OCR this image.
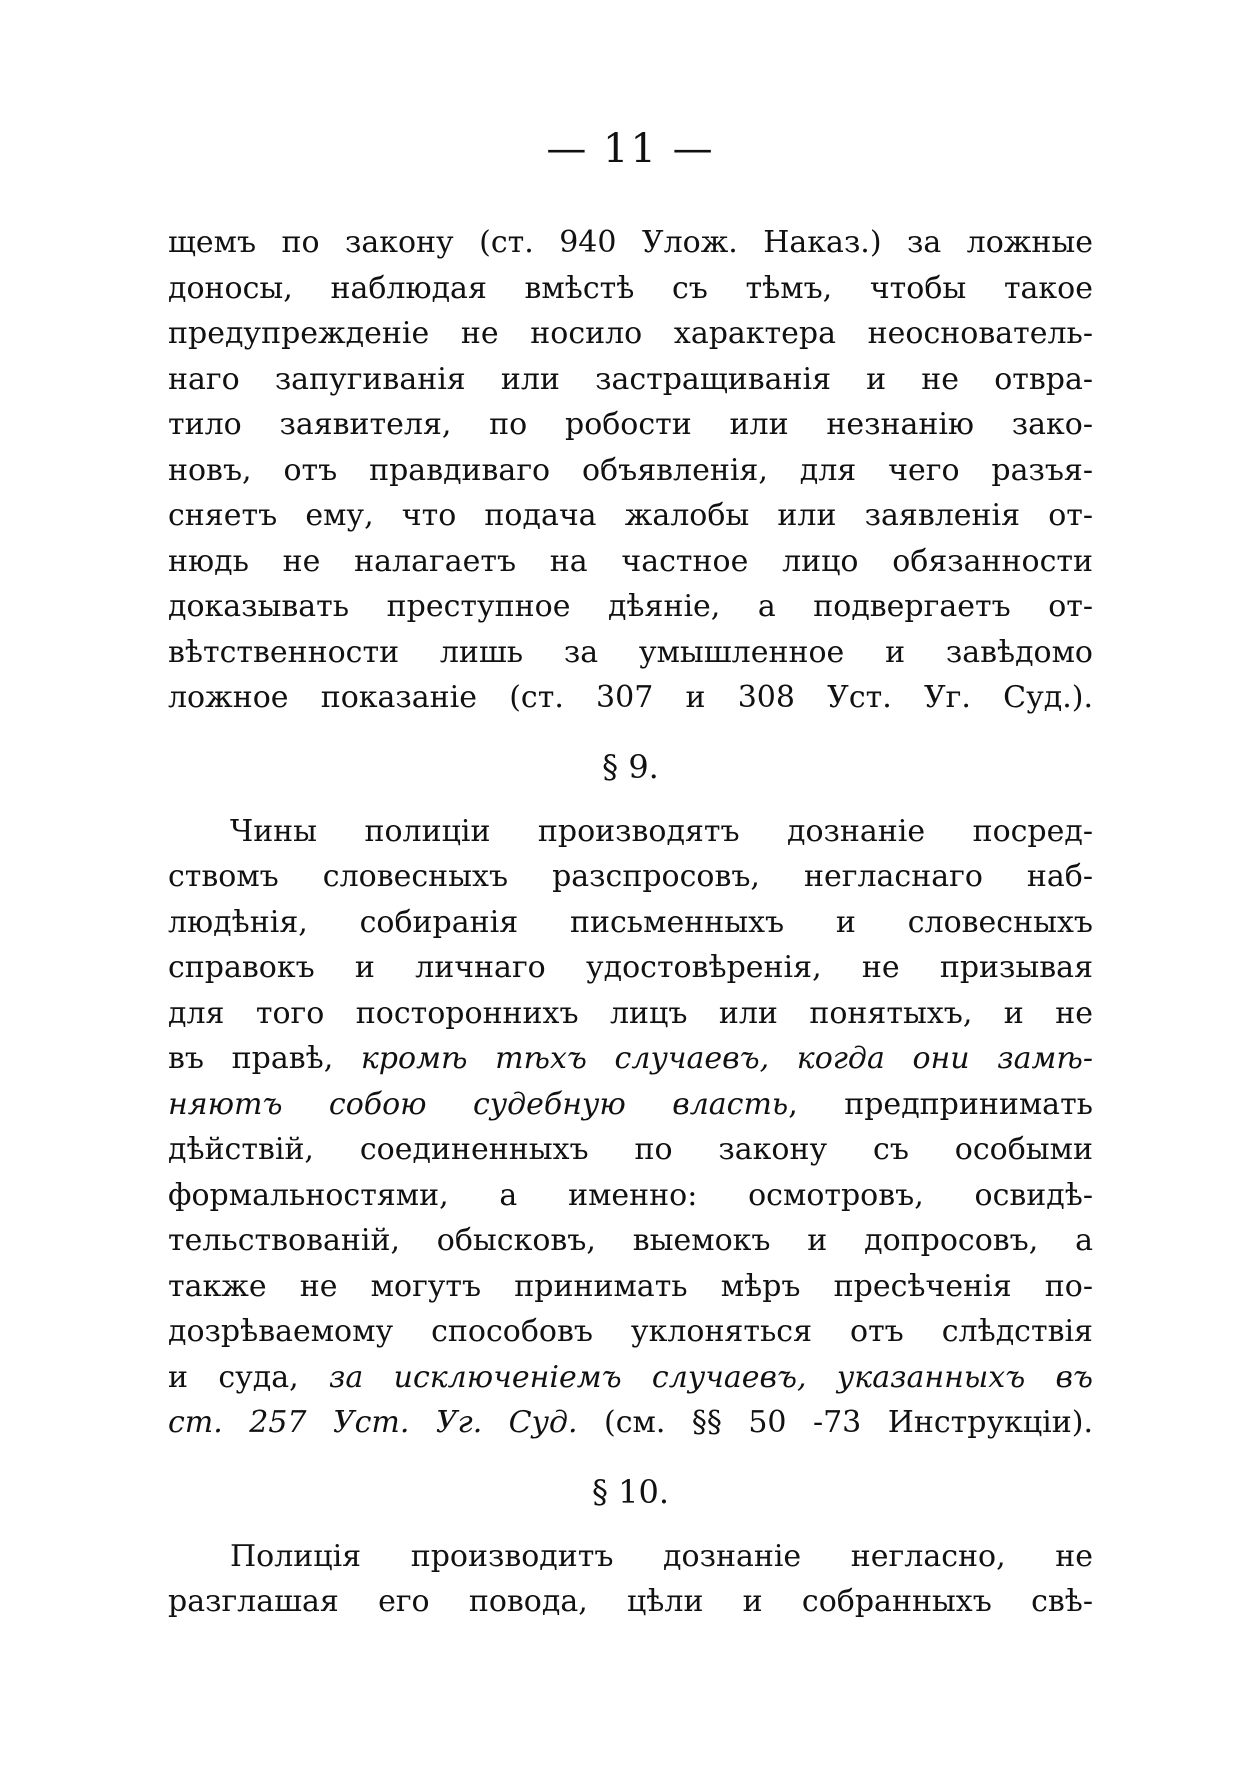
— 11 —
щемъ по закону (ст. 940 Улож. Наказ.) за ложные
доносы, наблюдая вмѣстѣ съ тѣмъ, чтобы такое
предупрежденіе не носило характера неоснователь-
наго запугиванія или застращиванія и не отвра-
тило заявителя, по робости или незнанію зако-
новъ, отъ правдиваго объявленія, для чего разъя-
сняетъ ему, что подача жалобы или заявленія от-
нюдь не налагаетъ на частное лицо обязанности
доказывать преступное дѣяніе, а подвергаетъ от-
вѣтственности лишь за умышленное и завѣдомо
ложное показаніе (ст. 307 и 308 Уст. Уг. Суд.).
§ 9.
Чины полиціи производятъ дознаніе посред-
ствомъ словесныхъ разспросовъ, негласнаго наб-
людѣнія, собиранія письменныхъ и словесныхъ
справокъ и личнаго удостовѣренія, не призывая
для того постороннихъ лицъ или понятыхъ, и не
въ правѣ, кромѣ тѣхъ случаевъ, когда они замѣ-
няютъ собою судебную власть, предпринимать
дѣйствій, соединенныхъ по закону съ особыми
формальностями, а именно: осмотровъ, освидѣ-
тельствованій, обысковъ, выемокъ и допросовъ, а
также не могутъ принимать мѣръ пресѣченія по-
дозрѣваемому способовъ уклоняться отъ слѣдствія
и суда, за исключеніемъ случаевъ, указанныхъ въ
ст. 257 Уст. Уг. Суд. (см. §§ 50 -73 Инструкціи).
§ 10.
Полиція производитъ дознаніе негласно, не
разглашая его повода, цѣли и собранныхъ свѣ-
